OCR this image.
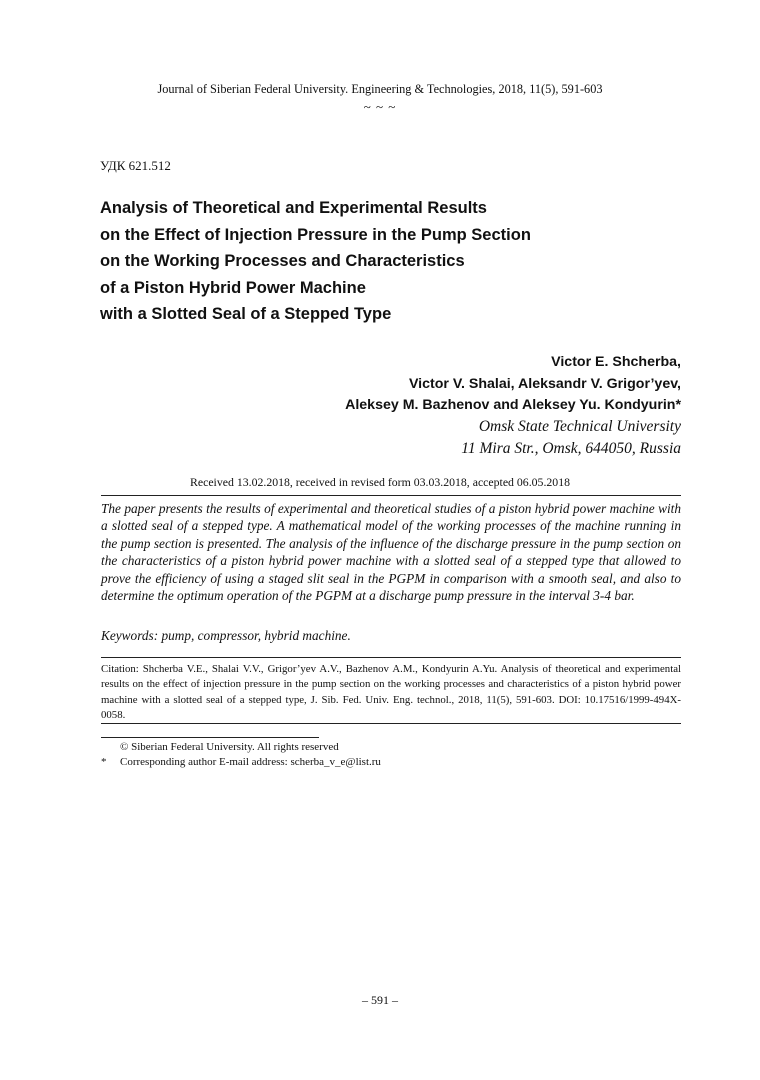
Journal of Siberian Federal University. Engineering & Technologies, 2018, 11(5), 591-603
~ ~ ~
УДК 621.512
Analysis of Theoretical and Experimental Results
on the Effect of Injection Pressure in the Pump Section
on the Working Processes and Characteristics
of a Piston Hybrid Power Machine
with a Slotted Seal of a Stepped Type
Victor E. Shcherba,
Victor V. Shalai, Aleksandr V. Grigor’yev,
Aleksey M. Bazhenov and Aleksey Yu. Kondyurin*
Omsk State Technical University
11 Mira Str., Omsk, 644050, Russia
Received 13.02.2018, received in revised form 03.03.2018, accepted 06.05.2018
The paper presents the results of experimental and theoretical studies of a piston hybrid power machine with a slotted seal of a stepped type. A mathematical model of the working processes of the machine running in the pump section is presented. The analysis of the influence of the discharge pressure in the pump section on the characteristics of a piston hybrid power machine with a slotted seal of a stepped type that allowed to prove the efficiency of using a staged slit seal in the PGPM in comparison with a smooth seal, and also to determine the optimum operation of the PGPM at a discharge pump pressure in the interval 3-4 bar.
Keywords: pump, compressor, hybrid machine.
Citation: Shcherba V.E., Shalai V.V., Grigor’yev A.V., Bazhenov A.M., Kondyurin A.Yu. Analysis of theoretical and experimental results on the effect of injection pressure in the pump section on the working processes and characteristics of a piston hybrid power machine with a slotted seal of a stepped type, J. Sib. Fed. Univ. Eng. technol., 2018, 11(5), 591-603. DOI: 10.17516/1999-494X-0058.
© Siberian Federal University. All rights reserved
* Corresponding author E-mail address: scherba_v_e@list.ru
– 591 –
